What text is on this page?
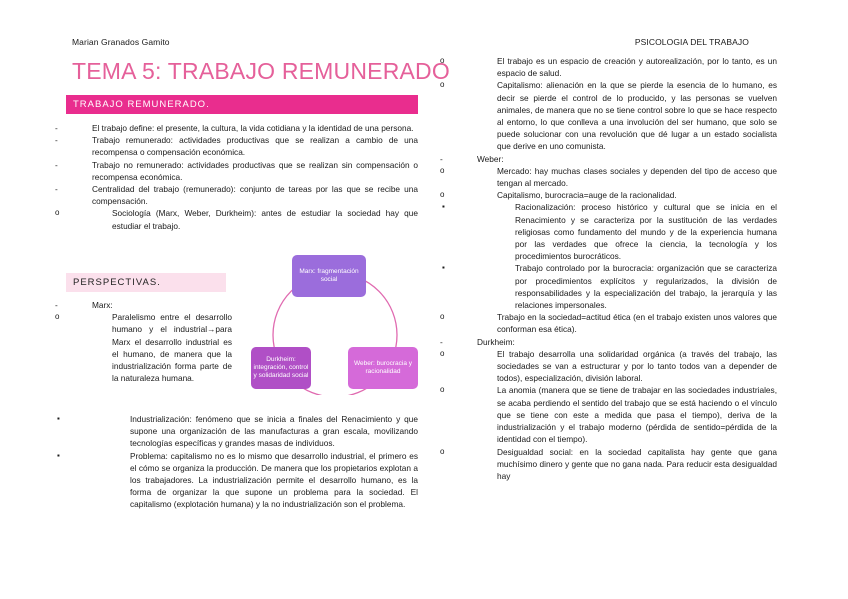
Marian Granados Gamito	PSICOLOGIA DEL TRABAJO
TEMA 5: TRABAJO REMUNERADO
TRABAJO REMUNERADO.
- El trabajo define: el presente, la cultura, la vida cotidiana y la identidad de una persona.
- Trabajo remunerado: actividades productivas que se realizan a cambio de una recompensa o compensación económica.
- Trabajo no remunerado: actividades productivas que se realizan sin compensación o recompensa económica.
- Centralidad del trabajo (remunerado): conjunto de tareas por las que se recibe una compensación.
o Sociología (Marx, Weber, Durkheim): antes de estudiar la sociedad hay que estudiar el trabajo.
PERSPECTIVAS.
- Marx:
o Paralelismo entre el desarrollo humano y el industrial→para Marx el desarrollo industrial es el humano, de manera que la industrialización forma parte de la naturaleza humana.
▪ Industrialización: fenómeno que se inicia a finales del Renacimiento y que supone una organización de las manufacturas a gran escala, movilizando tecnologías específicas y grandes masas de individuos.
▪ Problema: capitalismo no es lo mismo que desarrollo industrial, el primero es el cómo se organiza la producción. De manera que los propietarios explotan a los trabajadores. La industrialización permite el desarrollo humano, es la forma de organizar la que supone un problema para la sociedad. El capitalismo (explotación humana) y la no industrialización son el problema.
Marx: fragmentación social
Weber: burocracia y racionalidad
Durkheim: integración, control y solidaridad social
o El trabajo es un espacio de creación y autorealización, por lo tanto, es un espacio de salud.
o Capitalismo: alienación en la que se pierde la esencia de lo humano, es decir se pierde el control de lo producido, y las personas se vuelven animales, de manera que no se tiene control sobre lo que se hace respecto al entorno, lo que conlleva a una involución del ser humano, que solo se puede solucionar con una revolución que dé lugar a un estado socialista que derive en uno comunista.
- Weber:
o Mercado: hay muchas clases sociales y dependen del tipo de acceso que tengan al mercado.
o Capitalismo, burocracia=auge de la racionalidad.
▪ Racionalización: proceso histórico y cultural que se inicia en el Renacimiento y se caracteriza por la sustitución de las verdades religiosas como fundamento del mundo y de la experiencia humana por las verdades que ofrece la ciencia, la tecnología y los procedimientos burocráticos.
▪ Trabajo controlado por la burocracia: organización que se caracteriza por procedimientos explícitos y regularizados, la división de responsabilidades y la especialización del trabajo, la jerarquía y las relaciones impersonales.
o Trabajo en la sociedad=actitud ética (en el trabajo existen unos valores que conforman esa ética).
- Durkheim:
o El trabajo desarrolla una solidaridad orgánica (a través del trabajo, las sociedades se van a estructurar y por lo tanto todos van a depender de todos), especialización, división laboral.
o La anomia (manera que se tiene de trabajar en las sociedades industriales, se acaba perdiendo el sentido del trabajo que se está haciendo o el vínculo que se tiene con este a medida que pasa el tiempo), deriva de la industrialización y el trabajo moderno (pérdida de sentido=pérdida de la identidad con el tiempo).
o Desigualdad social: en la sociedad capitalista hay gente que gana muchísimo dinero y gente que no gana nada. Para reducir esta desigualdad hay
